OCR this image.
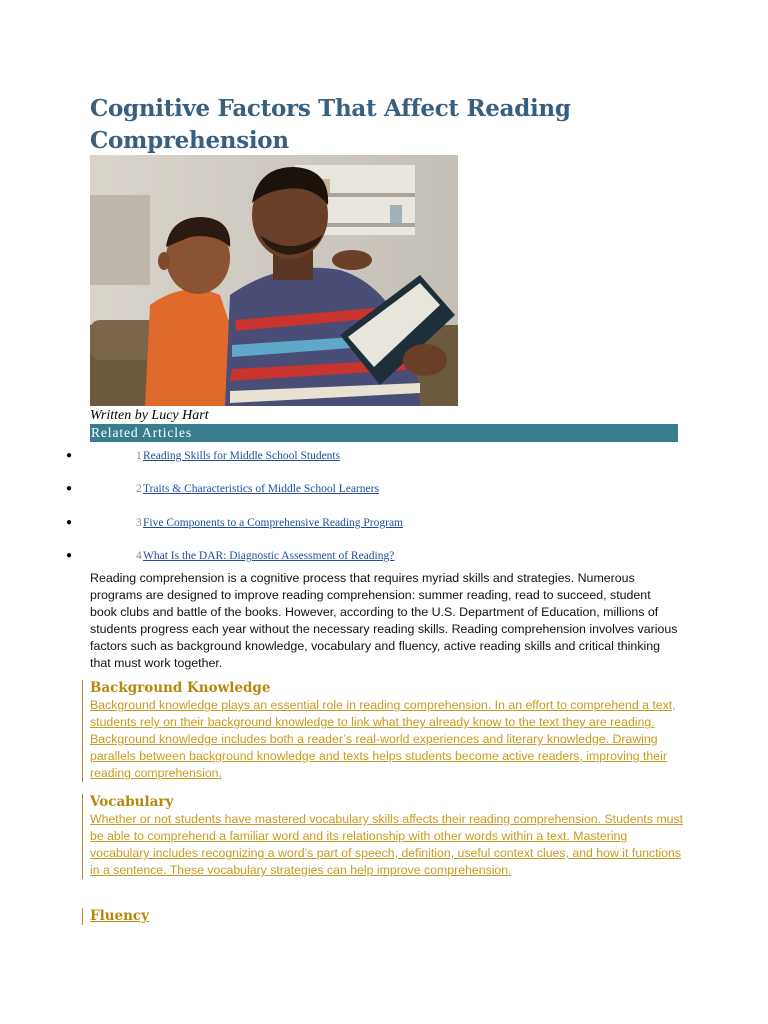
Cognitive Factors That Affect Reading Comprehension
Written by Lucy Hart
Related Articles
●	1 Reading Skills for Middle School Students
●	2 Traits & Characteristics of Middle School Learners
●	3 Five Components to a Comprehensive Reading Program
●	4 What Is the DAR: Diagnostic Assessment of Reading?

Reading comprehension is a cognitive process that requires myriad skills and strategies. Numerous programs are designed to improve reading comprehension: summer reading, read to succeed, student book clubs and battle of the books. However, according to the U.S. Department of Education, millions of students progress each year without the necessary reading skills. Reading comprehension involves various factors such as background knowledge, vocabulary and fluency, active reading skills and critical thinking that must work together.

Background Knowledge

Background knowledge plays an essential role in reading comprehension. In an effort to comprehend a text, students rely on their background knowledge to link what they already know to the text they are reading. Background knowledge includes both a reader’s real-world experiences and literary knowledge. Drawing parallels between background knowledge and texts helps students become active readers, improving their reading comprehension.

Vocabulary

Whether or not students have mastered vocabulary skills affects their reading comprehension. Students must be able to comprehend a familiar word and its relationship with other words within a text. Mastering vocabulary includes recognizing a word’s part of speech, definition, useful context clues, and how it functions in a sentence. These vocabulary strategies can help improve comprehension.

Fluency
